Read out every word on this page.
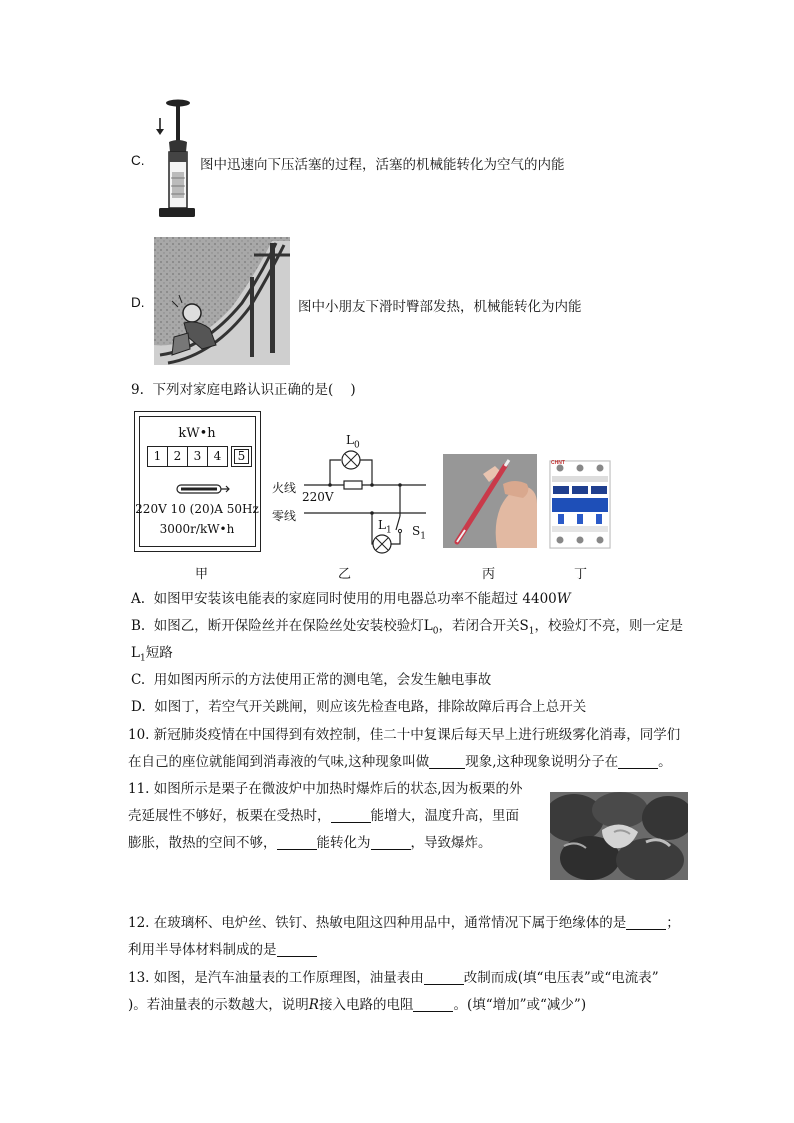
C.	图中迅速向下压活塞的过程，活塞的机械能转化为空气的内能
D.	图中小朋友下滑时臀部发热，机械能转化为内能
9.  下列对家庭电路认识正确的是(    )
kW•h
1	2	3	4	5
220V 10 (20)A 50Hz
3000r/kW•h
$L_0$
火线
220V
零线
$L_1$ $S_1$
CHNT
甲	乙	丙	丁
A.  如图甲安装该电能表的家庭同时使用的用电器总功率不能超过 4400W
B.  如图乙，断开保险丝并在保险丝处安装校验灯$L_0$，若闭合开关$S_1$，校验灯不亮，则一定是
$L_1$短路
C.  用如图丙所示的方法使用正常的测电笔，会发生触电事故
D.  如图丁，若空气开关跳闸，则应该先检查电路，排除故障后再合上总开关
10. 新冠肺炎疫情在中国得到有效控制，佳二十中复课后每天早上进行班级雾化消毒，同学们
在自己的座位就能闻到消毒液的气味,这种现象叫做	现象,这种现象说明分子在	。
11. 如图所示是栗子在微波炉中加热时爆炸后的状态,因为板栗的外
壳延展性不够好，板栗在受热时，	能增大，温度升高，里面
膨胀，散热的空间不够，	能转化为	，导致爆炸。
12. 在玻璃杯、电炉丝、铁钉、热敏电阻这四种用品中，通常情况下属于绝缘体的是	；
利用半导体材料制成的是
13. 如图，是汽车油量表的工作原理图，油量表由	改制而成(填“电压表”或“电流表”
)。若油量表的示数越大，说明R接入电路的电阻	。(填“增加”或“减少”)
